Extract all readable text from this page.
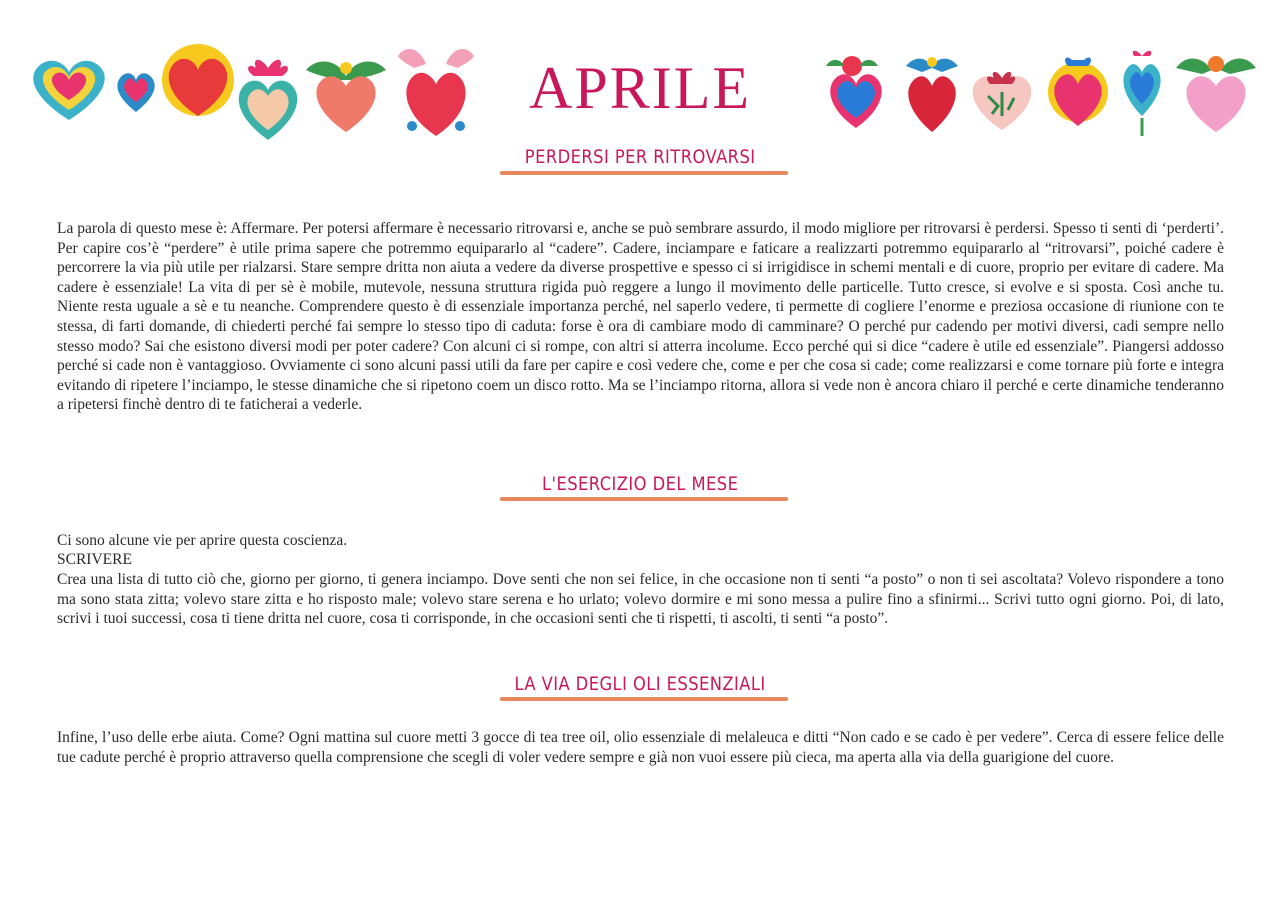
APRILE
PERDERSI PER RITROVARSI

La parola di questo mese è: Affermare. Per potersi affermare è necessario ritrovarsi e, anche se può sembrare assurdo, il modo migliore per ritrovarsi è perdersi. Spesso ti senti di ‘perderti’. Per capire cos’è “perdere” è utile prima sapere che potremmo equipararlo al “cadere”. Cadere, inciampare e faticare a realizzarti potremmo equipararlo al “ritrovarsi”, poiché cadere è percorrere la via più utile per rialzarsi. Stare sempre dritta non aiuta a vedere da diverse prospettive e spesso ci si irrigidisce in schemi mentali e di cuore, proprio per evitare di cadere. Ma cadere è essenziale! La vita di per sè è mobile, mutevole, nessuna struttura rigida può reggere a lungo il movimento delle particelle. Tutto cresce, si evolve e si sposta. Così anche tu. Niente resta uguale a sè e tu neanche. Comprendere questo è di essenziale importanza perché, nel saperlo vedere, ti permette di cogliere l’enorme e preziosa occasione di riunione con te stessa, di farti domande, di chiederti perché fai sempre lo stesso tipo di caduta: forse è ora di cambiare modo di camminare? O perché pur cadendo per motivi diversi, cadi sempre nello stesso modo? Sai che esistono diversi modi per poter cadere? Con alcuni ci si rompe, con altri si atterra incolume. Ecco perché qui si dice “cadere è utile ed essenziale”. Piangersi addosso perché si cade non è vantaggioso. Ovviamente ci sono alcuni passi utili da fare per capire e così vedere che, come e per che cosa si cade; come realizzarsi e come tornare più forte e integra evitando di ripetere l’inciampo, le stesse dinamiche che si ripetono coem un disco rotto. Ma se l’inciampo ritorna, allora si vede non è ancora chiaro il perché e certe dinamiche tenderanno a ripetersi finchè dentro di te faticherai a vederle.

L'ESERCIZIO DEL MESE

Ci sono alcune vie per aprire questa coscienza.

SCRIVERE

Crea una lista di tutto ciò che, giorno per giorno, ti genera inciampo. Dove senti che non sei felice, in che occasione non ti senti “a posto” o non ti sei ascoltata? Volevo rispondere a tono ma sono stata zitta; volevo stare zitta e ho risposto male; volevo stare serena e ho urlato; volevo dormire e mi sono messa a pulire fino a sfinirmi... Scrivi tutto ogni giorno. Poi, di lato, scrivi i tuoi successi, cosa ti tiene dritta nel cuore, cosa ti corrisponde, in che occasioni senti che ti rispetti, ti ascolti, ti senti “a posto”.

LA VIA DEGLI OLI ESSENZIALI

Infine, l’uso delle erbe aiuta. Come? Ogni mattina sul cuore metti 3 gocce di tea tree oil, olio essenziale di melaleuca e ditti “Non cado e se cado è per vedere”. Cerca di essere felice delle tue cadute perché è proprio attraverso quella comprensione che scegli di voler vedere sempre e già non vuoi essere più cieca, ma aperta alla via della guarigione del cuore.
